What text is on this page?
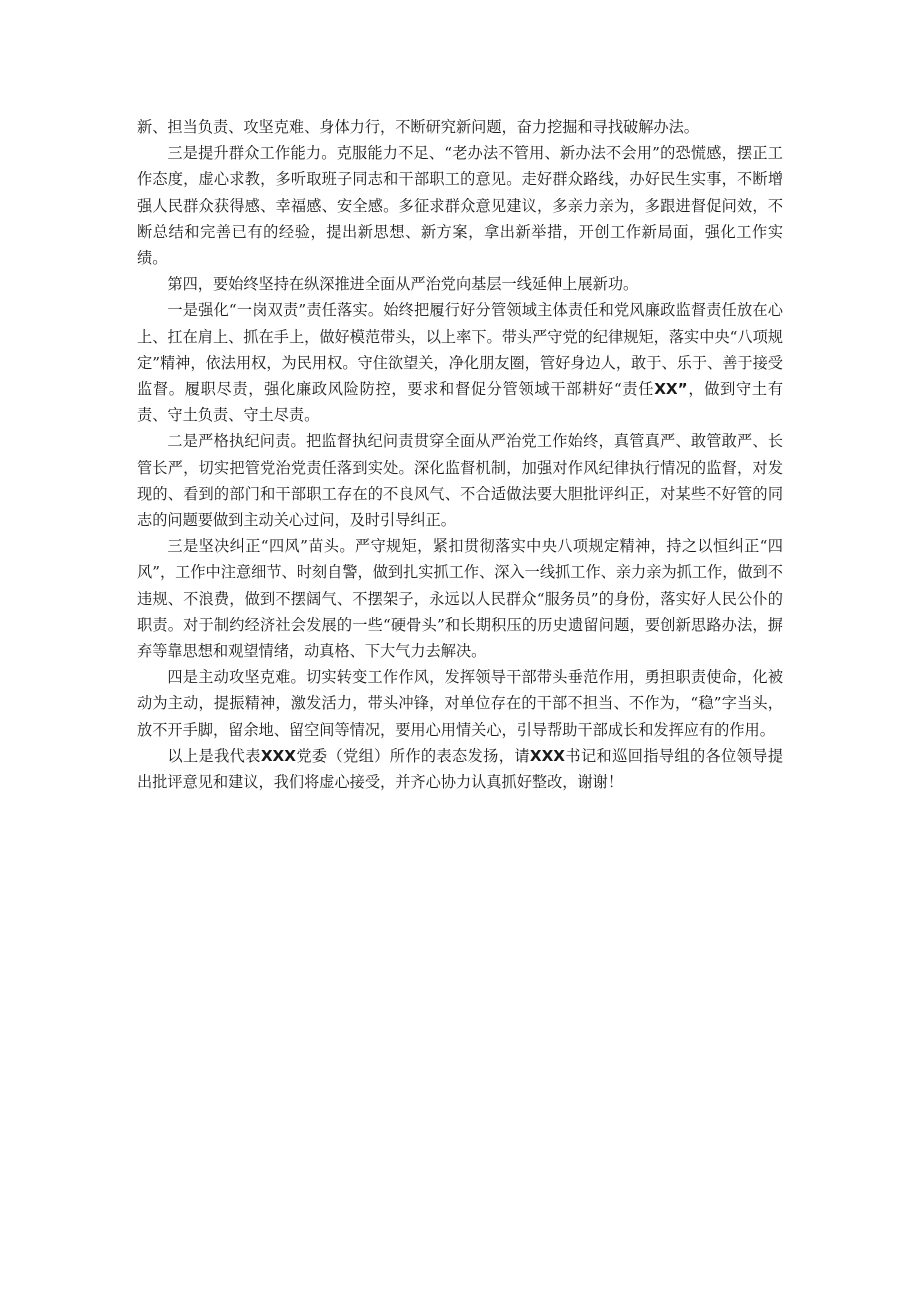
新、担当负责、攻坚克难、身体力行，不断研究新问题，奋力挖掘和寻找破解办法。

三是提升群众工作能力。克服能力不足、“老办法不管用、新办法不会用”的恐慌感，摆正工作态度，虚心求教，多听取班子同志和干部职工的意见。走好群众路线，办好民生实事，不断增强人民群众获得感、幸福感、安全感。多征求群众意见建议，多亲力亲为，多跟进督促问效，不断总结和完善已有的经验，提出新思想、新方案，拿出新举措，开创工作新局面，强化工作实绩。

第四，要始终坚持在纵深推进全面从严治党向基层一线延伸上展新功。

一是强化“一岗双责”责任落实。始终把履行好分管领域主体责任和党风廉政监督责任放在心上、扛在肩上、抓在手上，做好模范带头，以上率下。带头严守党的纪律规矩，落实中央“八项规定”精神，依法用权，为民用权。守住欲望关，净化朋友圈，管好身边人，敢于、乐于、善于接受监督。履职尽责，强化廉政风险防控，要求和督促分管领域干部耕好“责任XX”，做到守土有责、守土负责、守土尽责。

二是严格执纪问责。把监督执纪问责贯穿全面从严治党工作始终，真管真严、敢管敢严、长管长严，切实把管党治党责任落到实处。深化监督机制，加强对作风纪律执行情况的监督，对发现的、看到的部门和干部职工存在的不良风气、不合适做法要大胆批评纠正，对某些不好管的同志的问题要做到主动关心过问，及时引导纠正。

三是坚决纠正“四风”苗头。严守规矩，紧扣贯彻落实中央八项规定精神，持之以恒纠正“四风”，工作中注意细节、时刻自警，做到扎实抓工作、深入一线抓工作、亲力亲为抓工作，做到不违规、不浪费，做到不摆阔气、不摆架子，永远以人民群众“服务员”的身份，落实好人民公仆的职责。对于制约经济社会发展的一些“硬骨头”和长期积压的历史遗留问题，要创新思路办法，摒弃等靠思想和观望情绪，动真格、下大气力去解决。

四是主动攻坚克难。切实转变工作作风，发挥领导干部带头垂范作用，勇担职责使命，化被动为主动，提振精神，激发活力，带头冲锋，对单位存在的干部不担当、不作为，“稳”字当头，放不开手脚，留余地、留空间等情况，要用心用情关心，引导帮助干部成长和发挥应有的作用。

以上是我代表XXX党委（党组）所作的表态发扬，请XXX书记和巡回指导组的各位领导提出批评意见和建议，我们将虚心接受，并齐心协力认真抓好整改，谢谢！
